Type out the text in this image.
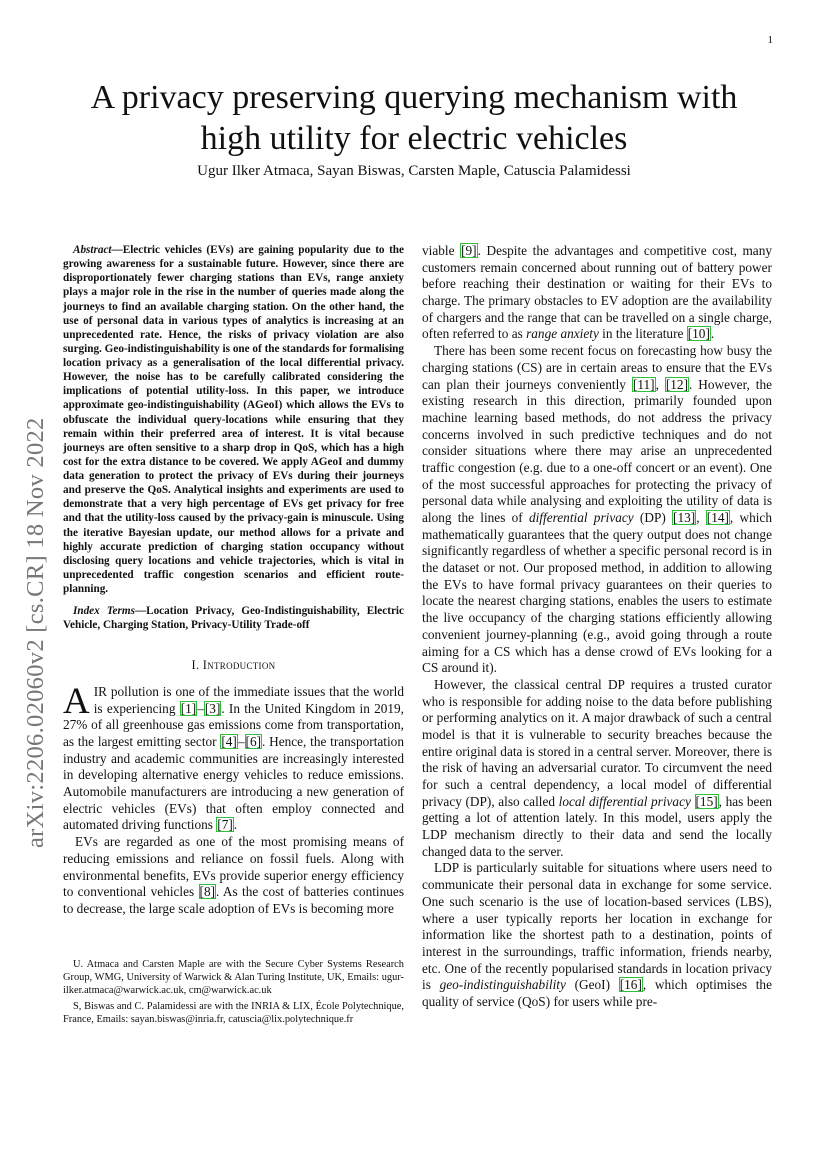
1
arXiv:2206.02060v2 [cs.CR] 18 Nov 2022
A privacy preserving querying mechanism with high utility for electric vehicles
Ugur Ilker Atmaca, Sayan Biswas, Carsten Maple, Catuscia Palamidessi

Abstract—Electric vehicles (EVs) are gaining popularity due to the growing awareness for a sustainable future. However, since there are disproportionately fewer charging stations than EVs, range anxiety plays a major role in the rise in the number of queries made along the journeys to find an available charging station. On the other hand, the use of personal data in various types of analytics is increasing at an unprecedented rate. Hence, the risks of privacy violation are also surging. Geo-indistinguishability is one of the standards for formalising location privacy as a generalisation of the local differential privacy. However, the noise has to be carefully calibrated considering the implications of potential utility-loss. In this paper, we introduce approximate geo-indistinguishability (AGeoI) which allows the EVs to obfuscate the individual query-locations while ensuring that they remain within their preferred area of interest. It is vital because journeys are often sensitive to a sharp drop in QoS, which has a high cost for the extra distance to be covered. We apply AGeoI and dummy data generation to protect the privacy of EVs during their journeys and preserve the QoS. Analytical insights and experiments are used to demonstrate that a very high percentage of EVs get privacy for free and that the utility-loss caused by the privacy-gain is minuscule. Using the iterative Bayesian update, our method allows for a private and highly accurate prediction of charging station occupancy without disclosing query locations and vehicle trajectories, which is vital in unprecedented traffic congestion scenarios and efficient route-planning.

Index Terms—Location Privacy, Geo-Indistinguishability, Electric Vehicle, Charging Station, Privacy-Utility Trade-off

I. Introduction

AIR pollution is one of the immediate issues that the world is experiencing [1]–[3]. In the United Kingdom in 2019, 27% of all greenhouse gas emissions come from transportation, as the largest emitting sector [4]–[6]. Hence, the transportation industry and academic communities are increasingly interested in developing alternative energy vehicles to reduce emissions. Automobile manufacturers are introducing a new generation of electric vehicles (EVs) that often employ connected and automated driving functions [7].

EVs are regarded as one of the most promising means of reducing emissions and reliance on fossil fuels. Along with environmental benefits, EVs provide superior energy efficiency to conventional vehicles [8]. As the cost of batteries continues to decrease, the large scale adoption of EVs is becoming more

U. Atmaca and Carsten Maple are with the Secure Cyber Systems Research Group, WMG, University of Warwick & Alan Turing Institute, UK, Emails: ugur-ilker.atmaca@warwick.ac.uk, cm@warwick.ac.uk

S, Biswas and C. Palamidessi are with the INRIA & LIX, École Polytechnique, France, Emails: sayan.biswas@inria.fr, catuscia@lix.polytechnique.fr

viable [9]. Despite the advantages and competitive cost, many customers remain concerned about running out of battery power before reaching their destination or waiting for their EVs to charge. The primary obstacles to EV adoption are the availability of chargers and the range that can be travelled on a single charge, often referred to as range anxiety in the literature [10].

There has been some recent focus on forecasting how busy the charging stations (CS) are in certain areas to ensure that the EVs can plan their journeys conveniently [11], [12]. However, the existing research in this direction, primarily founded upon machine learning based methods, do not address the privacy concerns involved in such predictive techniques and do not consider situations where there may arise an unprecedented traffic congestion (e.g. due to a one-off concert or an event). One of the most successful approaches for protecting the privacy of personal data while analysing and exploiting the utility of data is along the lines of differential privacy (DP) [13], [14], which mathematically guarantees that the query output does not change significantly regardless of whether a specific personal record is in the dataset or not. Our proposed method, in addition to allowing the EVs to have formal privacy guarantees on their queries to locate the nearest charging stations, enables the users to estimate the live occupancy of the charging stations efficiently allowing convenient journey-planning (e.g., avoid going through a route aiming for a CS which has a dense crowd of EVs looking for a CS around it).

However, the classical central DP requires a trusted curator who is responsible for adding noise to the data before publishing or performing analytics on it. A major drawback of such a central model is that it is vulnerable to security breaches because the entire original data is stored in a central server. Moreover, there is the risk of having an adversarial curator. To circumvent the need for such a central dependency, a local model of differential privacy (DP), also called local differential privacy [15], has been getting a lot of attention lately. In this model, users apply the LDP mechanism directly to their data and send the locally changed data to the server.

LDP is particularly suitable for situations where users need to communicate their personal data in exchange for some service. One such scenario is the use of location-based services (LBS), where a user typically reports her location in exchange for information like the shortest path to a destination, points of interest in the surroundings, traffic information, friends nearby, etc. One of the recently popularised standards in location privacy is geo-indistinguishability (GeoI) [16], which optimises the quality of service (QoS) for users while pre-
